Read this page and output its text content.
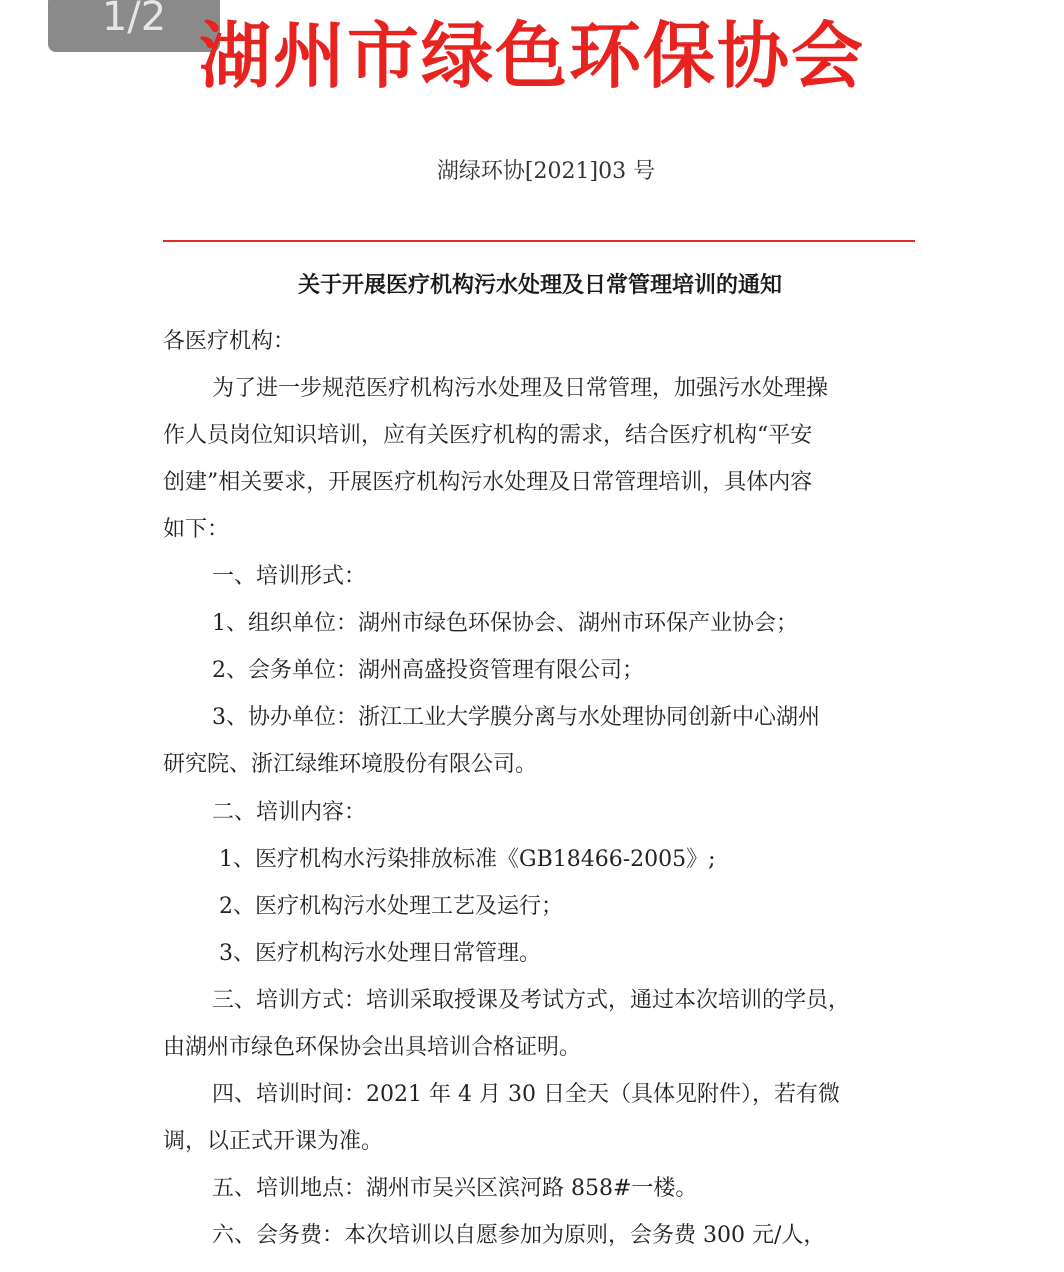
1/2 湖州市绿色环保协会
湖绿环协[2021]03 号
关于开展医疗机构污水处理及日常管理培训的通知
各医疗机构：
为了进一步规范医疗机构污水处理及日常管理，加强污水处理操
作人员岗位知识培训，应有关医疗机构的需求，结合医疗机构“平安
创建”相关要求，开展医疗机构污水处理及日常管理培训，具体内容
如下：
一、培训形式：
1、组织单位：湖州市绿色环保协会、湖州市环保产业协会；
2、会务单位：湖州高盛投资管理有限公司；
3、协办单位：浙江工业大学膜分离与水处理协同创新中心湖州
研究院、浙江绿维环境股份有限公司。
二、培训内容：
1、医疗机构水污染排放标准《GB18466-2005》;
2、医疗机构污水处理工艺及运行；
3、医疗机构污水处理日常管理。
三、培训方式：培训采取授课及考试方式，通过本次培训的学员，
由湖州市绿色环保协会出具培训合格证明。
四、培训时间：2021 年 4 月 30 日全天（具体见附件），若有微
调，以正式开课为准。
五、培训地点：湖州市吴兴区滨河路 858#一楼。
六、会务费：本次培训以自愿参加为原则，会务费 300 元/人，
